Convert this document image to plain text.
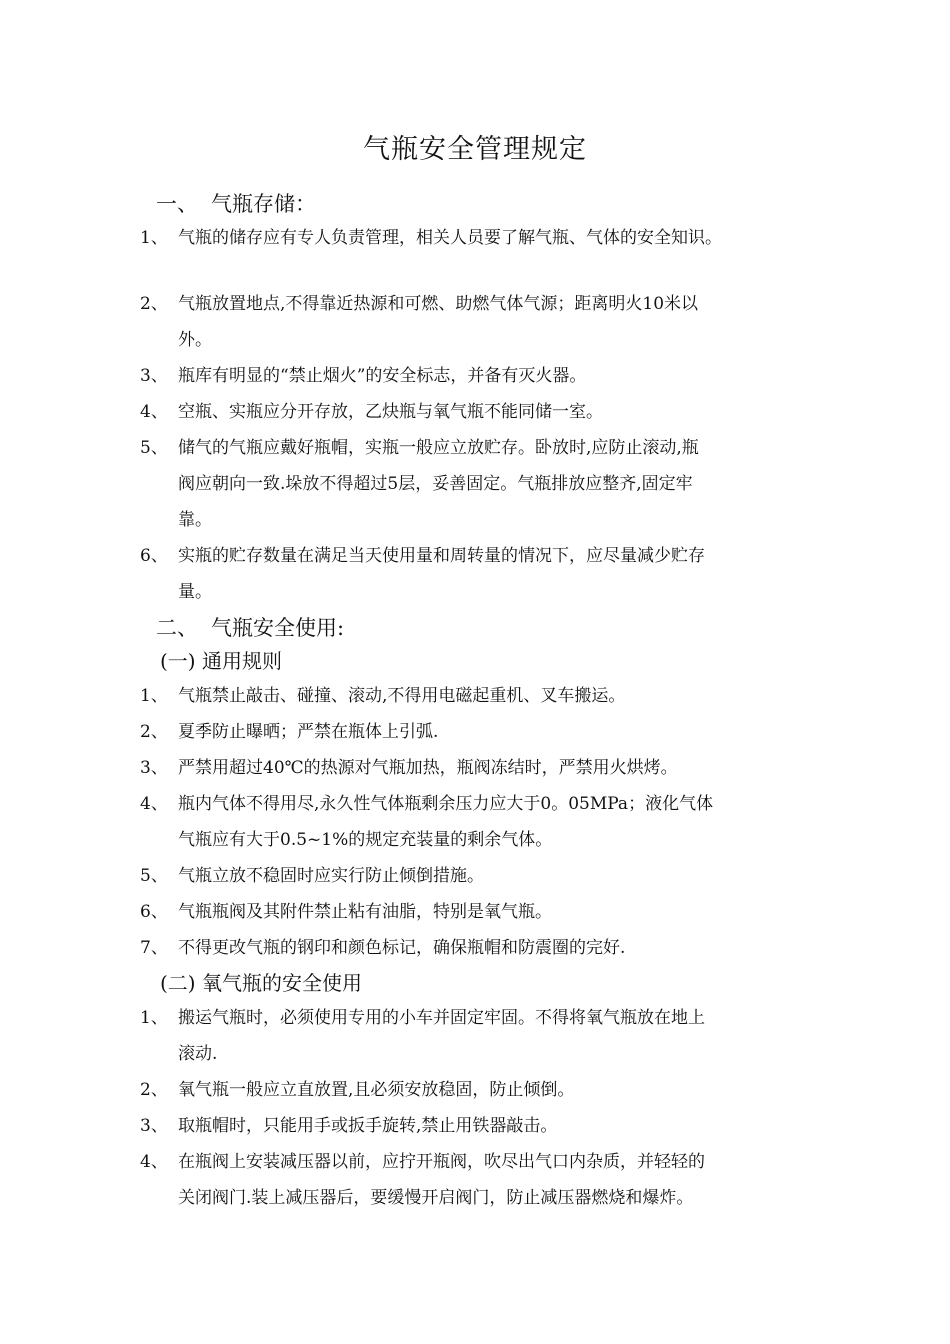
气瓶安全管理规定
一、 气瓶存储：
1、 气瓶的储存应有专人负责管理，相关人员要了解气瓶、气体的安全知识。
2、 气瓶放置地点,不得靠近热源和可燃、助燃气体气源；距离明火10米以
外。
3、 瓶库有明显的“禁止烟火”的安全标志，并备有灭火器。
4、 空瓶、实瓶应分开存放，乙炔瓶与氧气瓶不能同储一室。
5、 储气的气瓶应戴好瓶帽，实瓶一般应立放贮存。卧放时,应防止滚动,瓶
阀应朝向一致.垛放不得超过5层，妥善固定。气瓶排放应整齐,固定牢
靠。
6、 实瓶的贮存数量在满足当天使用量和周转量的情况下，应尽量减少贮存
量。
二、 气瓶安全使用:
(一) 通用规则
1、 气瓶禁止敲击、碰撞、滚动,不得用电磁起重机、叉车搬运。
2、 夏季防止曝晒；严禁在瓶体上引弧.
3、 严禁用超过40℃的热源对气瓶加热，瓶阀冻结时，严禁用火烘烤。
4、 瓶内气体不得用尽,永久性气体瓶剩余压力应大于0。05MPa；液化气体
气瓶应有大于0.5~1%的规定充装量的剩余气体。
5、 气瓶立放不稳固时应实行防止倾倒措施。
6、 气瓶瓶阀及其附件禁止粘有油脂，特别是氧气瓶。
7、 不得更改气瓶的钢印和颜色标记，确保瓶帽和防震圈的完好.
(二) 氧气瓶的安全使用
1、 搬运气瓶时，必须使用专用的小车并固定牢固。不得将氧气瓶放在地上
滚动.
2、 氧气瓶一般应立直放置,且必须安放稳固，防止倾倒。
3、 取瓶帽时，只能用手或扳手旋转,禁止用铁器敲击。
4、 在瓶阀上安装减压器以前，应拧开瓶阀，吹尽出气口内杂质，并轻轻的
关闭阀门.装上减压器后，要缓慢开启阀门，防止减压器燃烧和爆炸。
